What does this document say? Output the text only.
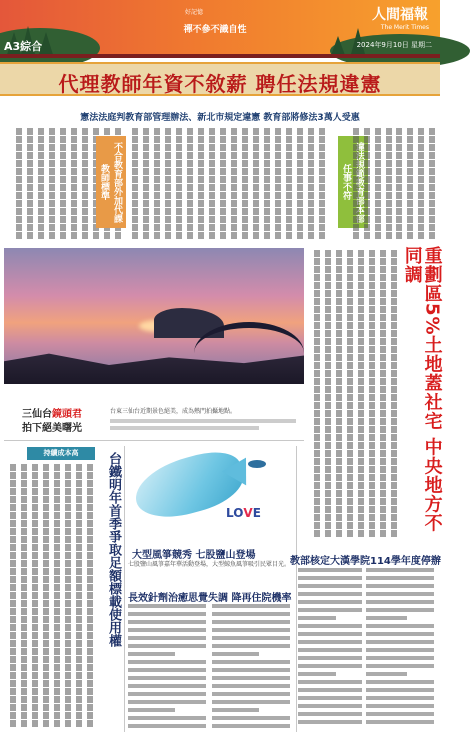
A3綜合
好記憶
禪不參不識自性
人間福報
The Merit Times
2024年9月10日 星期二
代理教師年資不敘薪 聘任法規違憲
憲法法庭判教育部管理辦法、新北市規定違憲 教育部將修法3萬人受惠
不合教育部外加代課教師標準	育 任事不符
重劃區5%土地蓋社宅 中央地方不同調
三仙台鏡頭君
拍下絕美曙光
台東三仙台近期景色絕美，成為熱門拍攝地點。
持續成本高	台鐵明年首季爭取足額標載使用權	LOVE
大型風箏競秀 七股鹽山登場
七股鹽山風箏嘉年華活動登場，大型鯨魚風箏吸引民眾目光。
長效針劑治癒思覺失調 降再住院機率
教部核定大漢學院114學年度停辦
